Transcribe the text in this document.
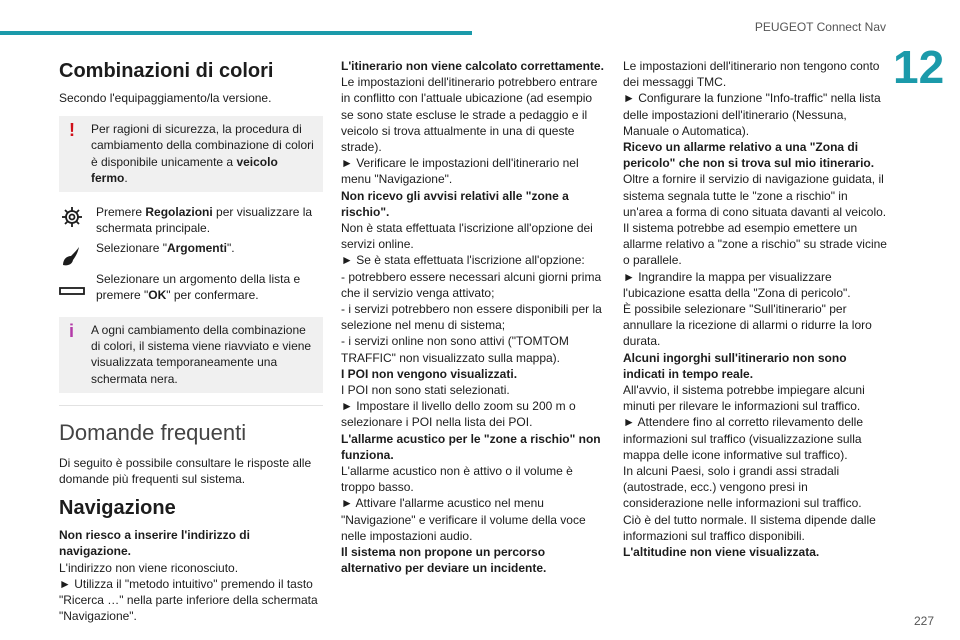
PEUGEOT Connect Nav
12
227
Combinazioni di colori

Secondo l'equipaggiamento/la versione.

! Per ragioni di sicurezza, la procedura di cambiamento della combinazione di colori è disponibile unicamente a veicolo fermo.
Premere Regolazioni per visualizzare la schermata principale.
Selezionare "Argomenti".
Selezionare un argomento della lista e premere "OK" per confermare.
i A ogni cambiamento della combinazione di colori, il sistema viene riavviato e viene visualizzata temporaneamente una schermata nera.
Domande frequenti

Di seguito è possibile consultare le risposte alle domande più frequenti sul sistema.

Navigazione
Non riesco a inserire l'indirizzo di navigazione.
L'indirizzo non viene riconosciuto.
► Utilizza il "metodo intuitivo" premendo il tasto "Ricerca …" nella parte inferiore della schermata "Navigazione".
L'itinerario non viene calcolato correttamente.
Le impostazioni dell'itinerario potrebbero entrare in conflitto con l'attuale ubicazione (ad esempio se sono state escluse le strade a pedaggio e il veicolo si trova attualmente in una di queste strade).
► Verificare le impostazioni dell'itinerario nel menu "Navigazione".
Non ricevo gli avvisi relativi alle "zone a rischio".
Non è stata effettuata l'iscrizione all'opzione dei servizi online.
► Se è stata effettuata l'iscrizione all'opzione:
- potrebbero essere necessari alcuni giorni prima che il servizio venga attivato;
- i servizi potrebbero non essere disponibili per la selezione nel menu di sistema;
- i servizi online non sono attivi ("TOMTOM TRAFFIC" non visualizzato sulla mappa).
I POI non vengono visualizzati.
I POI non sono stati selezionati.
► Impostare il livello dello zoom su 200 m o selezionare i POI nella lista dei POI.
L'allarme acustico per le "zone a rischio" non funziona.
L'allarme acustico non è attivo o il volume è troppo basso.
► Attivare l'allarme acustico nel menu "Navigazione" e verificare il volume della voce nelle impostazioni audio.
Il sistema non propone un percorso alternativo per deviare un incidente.
Le impostazioni dell'itinerario non tengono conto dei messaggi TMC.
► Configurare la funzione "Info-traffic" nella lista delle impostazioni dell'itinerario (Nessuna, Manuale o Automatica).
Ricevo un allarme relativo a una "Zona di pericolo" che non si trova sul mio itinerario.
Oltre a fornire il servizio di navigazione guidata, il sistema segnala tutte le "zone a rischio" in un'area a forma di cono situata davanti al veicolo. Il sistema potrebbe ad esempio emettere un allarme relativo a "zone a rischio" su strade vicine o parallele.
► Ingrandire la mappa per visualizzare l'ubicazione esatta della "Zona di pericolo".
È possibile selezionare "Sull'itinerario" per annullare la ricezione di allarmi o ridurre la loro durata.
Alcuni ingorghi sull'itinerario non sono indicati in tempo reale.
All'avvio, il sistema potrebbe impiegare alcuni minuti per rilevare le informazioni sul traffico.
► Attendere fino al corretto rilevamento delle informazioni sul traffico (visualizzazione sulla mappa delle icone informative sul traffico).
In alcuni Paesi, solo i grandi assi stradali (autostrade, ecc.) vengono presi in considerazione nelle informazioni sul traffico.
Ciò è del tutto normale. Il sistema dipende dalle informazioni sul traffico disponibili.
L'altitudine non viene visualizzata.
